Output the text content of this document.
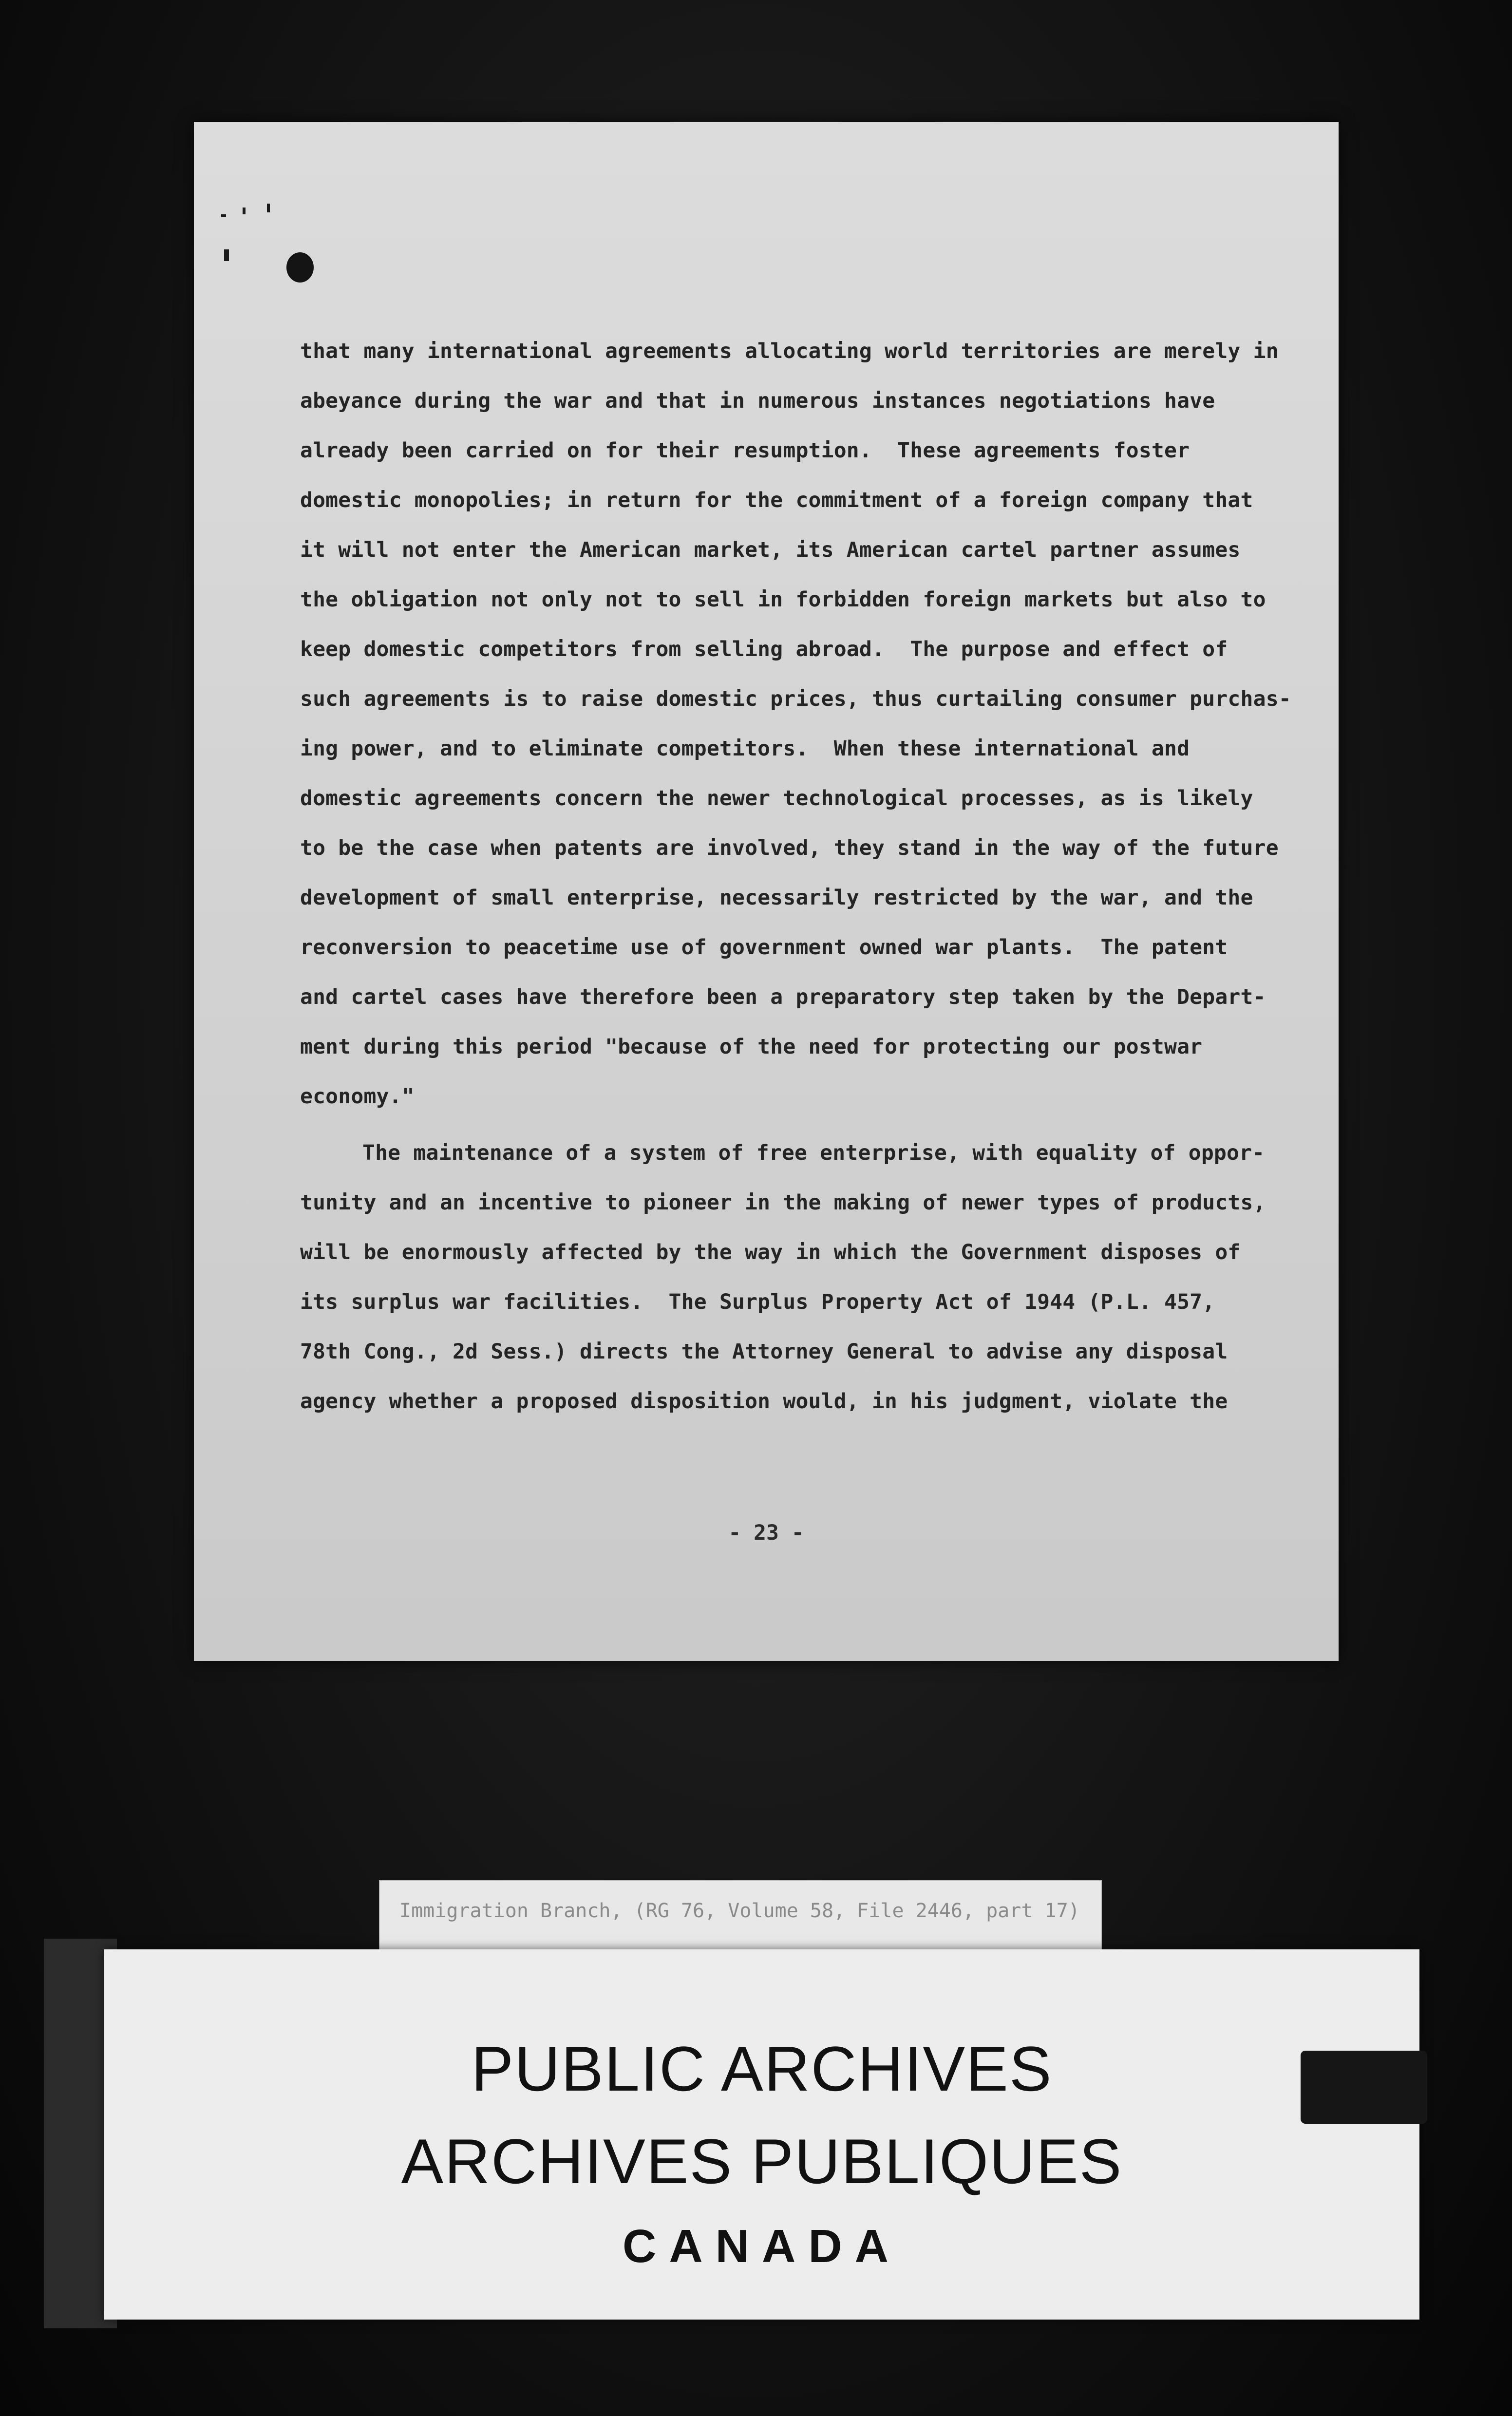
that many international agreements allocating world territories are merely in
abeyance during the war and that in numerous instances negotiations have
already been carried on for their resumption.  These agreements foster
domestic monopolies; in return for the commitment of a foreign company that
it will not enter the American market, its American cartel partner assumes
the obligation not only not to sell in forbidden foreign markets but also to
keep domestic competitors from selling abroad.  The purpose and effect of
such agreements is to raise domestic prices, thus curtailing consumer purchas-
ing power, and to eliminate competitors.  When these international and
domestic agreements concern the newer technological processes, as is likely
to be the case when patents are involved, they stand in the way of the future
development of small enterprise, necessarily restricted by the war, and the
reconversion to peacetime use of government owned war plants.  The patent
and cartel cases have therefore been a preparatory step taken by the Depart-
ment during this period "because of the need for protecting our postwar
economy."
The maintenance of a system of free enterprise, with equality of oppor-
tunity and an incentive to pioneer in the making of newer types of products,
will be enormously affected by the way in which the Government disposes of
its surplus war facilities.  The Surplus Property Act of 1944 (P.L. 457,
78th Cong., 2d Sess.) directs the Attorney General to advise any disposal
agency whether a proposed disposition would, in his judgment, violate the
- 23 -
Immigration Branch, (RG 76, Volume 58, File 2446, part 17)
PUBLIC ARCHIVES
ARCHIVES PUBLIQUES
CANADA
